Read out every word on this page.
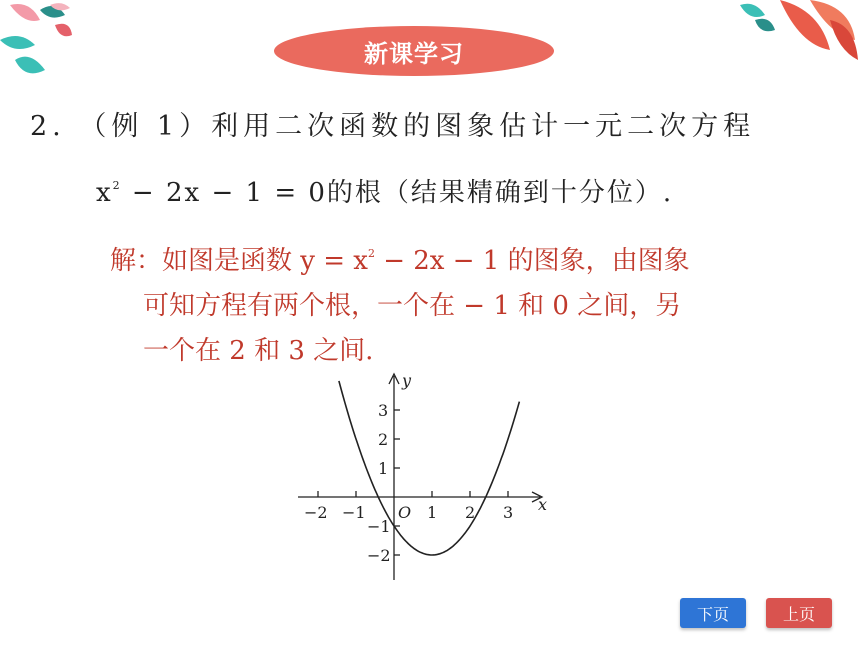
新课学习
2. （例 1）利用二次函数的图象估计一元二次方程
$x^2 - 2x - 1 = 0$的根（结果精确到十分位）.
解：如图是函数 $y = x^2 - 2x - 1$ 的图象，由图象
可知方程有两个根，一个在 − 1 和 0 之间，另
一个在 2 和 3 之间.
−2 −1 O 1 2 3 x
y
3
2
1
−1
−2
下页	上页
